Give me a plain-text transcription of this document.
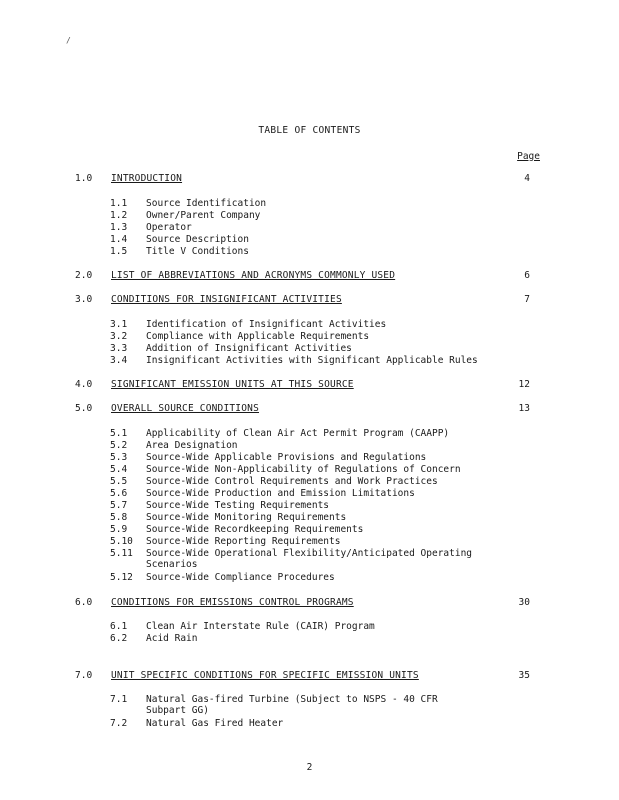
/
TABLE OF CONTENTS
Page
1.0 INTRODUCTION	4
1.1 Source Identification
1.2 Owner/Parent Company
1.3 Operator
1.4 Source Description
1.5 Title V Conditions
2.0 LIST OF ABBREVIATIONS AND ACRONYMS COMMONLY USED	6
3.0 CONDITIONS FOR INSIGNIFICANT ACTIVITIES	7
3.1 Identification of Insignificant Activities
3.2 Compliance with Applicable Requirements
3.3 Addition of Insignificant Activities
3.4 Insignificant Activities with Significant Applicable Rules
4.0 SIGNIFICANT EMISSION UNITS AT THIS SOURCE	12
5.0 OVERALL SOURCE CONDITIONS	13
5.1 Applicability of Clean Air Act Permit Program (CAAPP)
5.2 Area Designation
5.3 Source-Wide Applicable Provisions and Regulations
5.4 Source-Wide Non-Applicability of Regulations of Concern
5.5 Source-Wide Control Requirements and Work Practices
5.6 Source-Wide Production and Emission Limitations
5.7 Source-Wide Testing Requirements
5.8 Source-Wide Monitoring Requirements
5.9 Source-Wide Recordkeeping Requirements
5.10 Source-Wide Reporting Requirements
5.11 Source-Wide Operational Flexibility/Anticipated Operating
Scenarios
5.12 Source-Wide Compliance Procedures
6.0 CONDITIONS FOR EMISSIONS CONTROL PROGRAMS	30
6.1 Clean Air Interstate Rule (CAIR) Program
6.2 Acid Rain
7.0 UNIT SPECIFIC CONDITIONS FOR SPECIFIC EMISSION UNITS	35
7.1 Natural Gas-fired Turbine (Subject to NSPS - 40 CFR
Subpart GG)
7.2 Natural Gas Fired Heater
2
